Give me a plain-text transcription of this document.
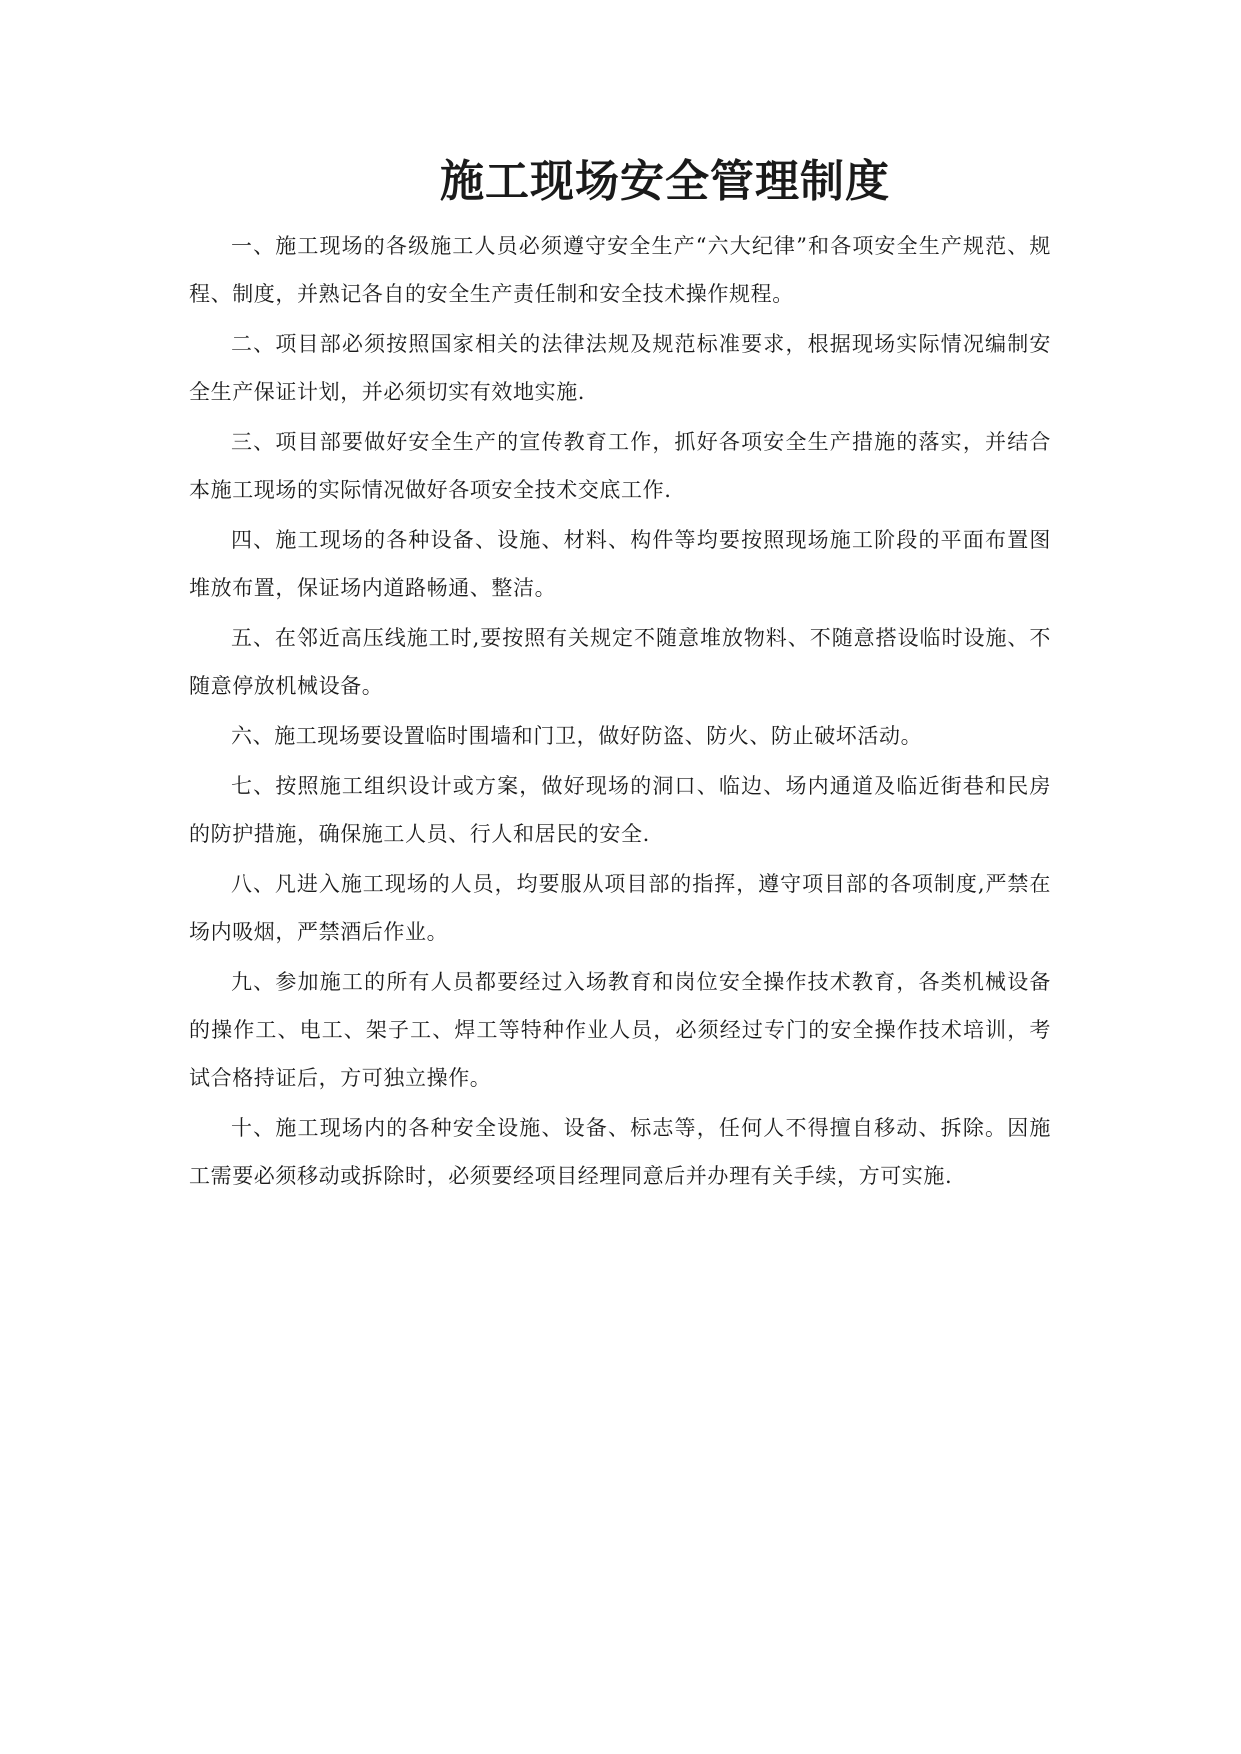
施工现场安全管理制度

一、施工现场的各级施工人员必须遵守安全生产“六大纪律”和各项安全生产规范、规程、制度，并熟记各自的安全生产责任制和安全技术操作规程。

二、项目部必须按照国家相关的法律法规及规范标准要求，根据现场实际情况编制安全生产保证计划，并必须切实有效地实施.

三、项目部要做好安全生产的宣传教育工作，抓好各项安全生产措施的落实，并结合本施工现场的实际情况做好各项安全技术交底工作.

四、施工现场的各种设备、设施、材料、构件等均要按照现场施工阶段的平面布置图堆放布置，保证场内道路畅通、整洁。

五、在邻近高压线施工时,要按照有关规定不随意堆放物料、不随意搭设临时设施、不随意停放机械设备。

六、施工现场要设置临时围墙和门卫，做好防盗、防火、防止破坏活动。

七、按照施工组织设计或方案，做好现场的洞口、临边、场内通道及临近街巷和民房的防护措施，确保施工人员、行人和居民的安全.

八、凡进入施工现场的人员，均要服从项目部的指挥，遵守项目部的各项制度,严禁在场内吸烟，严禁酒后作业。

九、参加施工的所有人员都要经过入场教育和岗位安全操作技术教育，各类机械设备的操作工、电工、架子工、焊工等特种作业人员，必须经过专门的安全操作技术培训，考试合格持证后，方可独立操作。

十、施工现场内的各种安全设施、设备、标志等，任何人不得擅自移动、拆除。因施工需要必须移动或拆除时，必须要经项目经理同意后并办理有关手续，方可实施.
